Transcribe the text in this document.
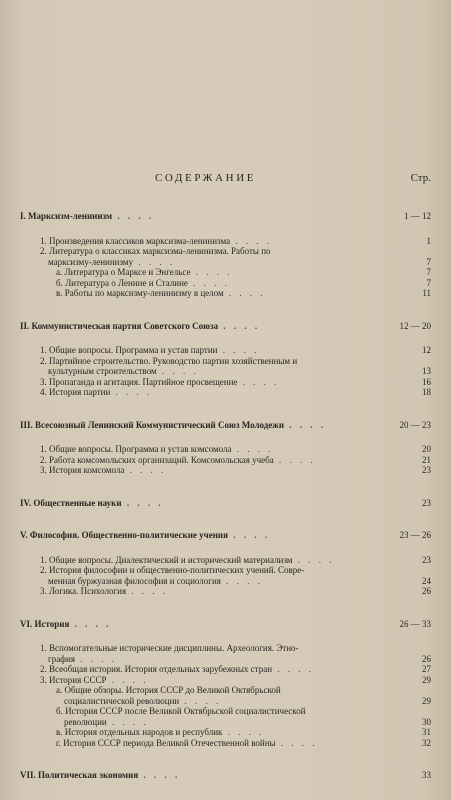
СОДЕРЖАНИЕ	Стр.
I. Марксизм-ленинизм . . . .	1 — 12
1. Произведения классиков марксизма-ленинизма . . . .	1
2. Литература о классиках марксизма-ленинизма. Работы по
марксизму-ленинизму . . . .	7
а. Литература о Марксе и Энгельсе . . . .	7
б. Литература о Ленине и Сталине . . . .	7
в. Работы по марксизму-ленинизму в целом . . . .	11
II. Коммунистическая партия Советского Союза . . . .	12 — 20
1. Общие вопросы. Программа и устав партии . . . .	12
2. Партийное строительство. Руководство партии хозяйственным и
культурным строительством . . . .	13
3. Пропаганда и агитация. Партийное просвещение . . . .	16
4. История партии . . . .	18
III. Всесоюзный Ленинский Коммунистический Союз Молодежи . . . .	20 — 23
1. Общие вопросы. Программа и устав комсомола . . . .	20
2. Работа комсомольских организаций. Комсомольская учеба . . . .	21
3. История комсомола . . . .	23
IV. Общественные науки . . . .	23
V. Философия. Общественно-политические учения . . . .	23 — 26
1. Общие вопросы. Диалектический и исторический материализм . . . .	23
2. История философии и общественно-политических учений. Совре-
менная буржуазная философия и социология . . . .	24
3. Логика. Психология . . . .	26
VI. История . . . .	26 — 33
1. Вспомогательные исторические дисциплины. Археология. Этно-
графия . . . .	26
2. Всеобщая история. История отдельных зарубежных стран . . . .	27
3. История СССР . . . .	29
а. Общие обзоры. История СССР до Великой Октябрьской
социалистической революции . . . .	29
б. История СССР после Великой Октябрьской социалистической
революции . . . .	30
в. История отдельных народов и республик . . . .	31
г. История СССР периода Великой Отечественной войны . . . .	32
VII. Политическая экономия . . . .	33
